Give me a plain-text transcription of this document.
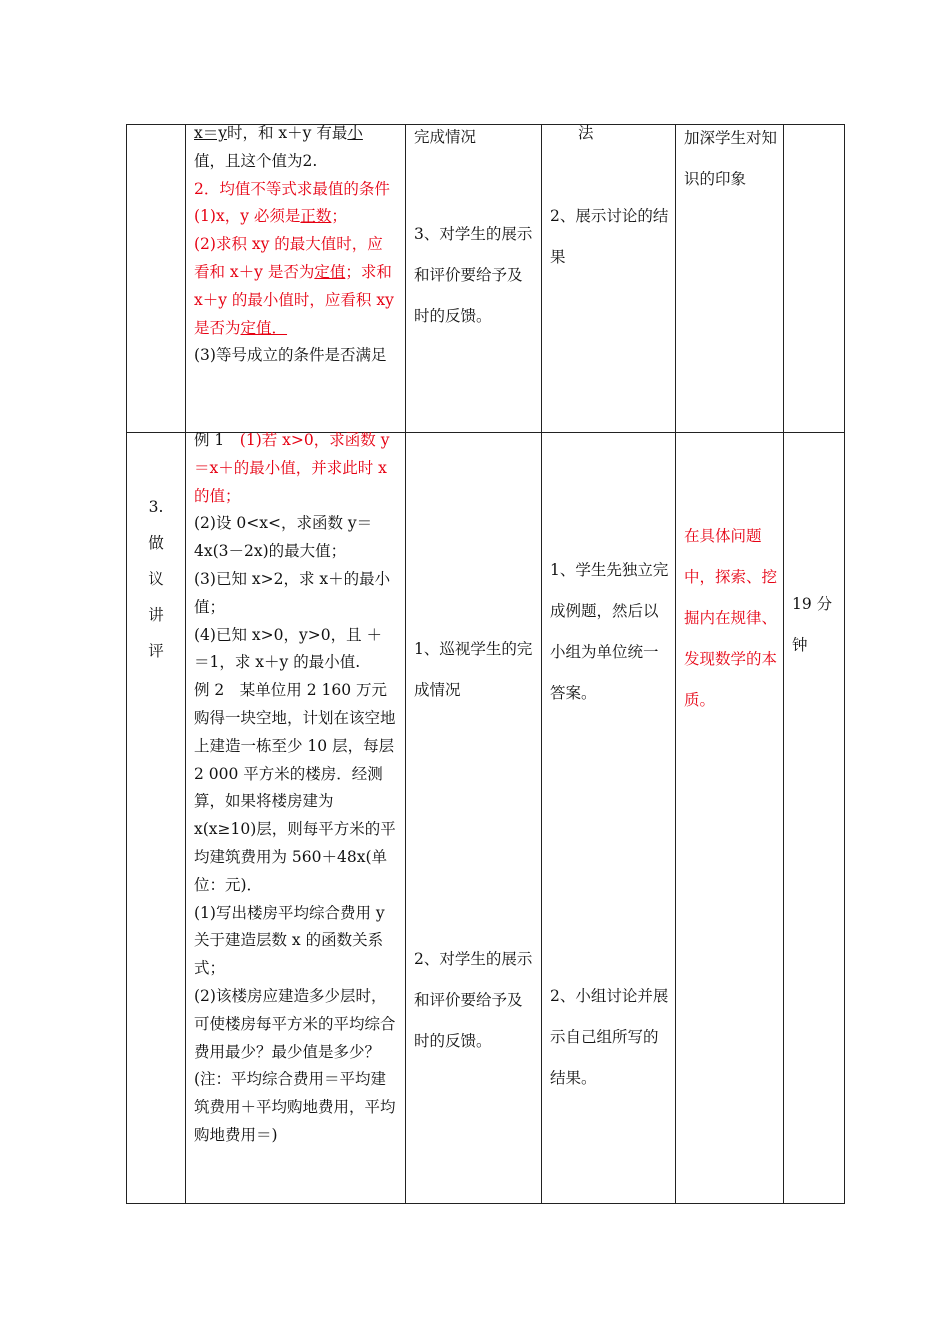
x＝y时，和 x＋y 有最小
值，且这个值为2.
2．均值不等式求最值的条件
(1)x，y 必须是正数；
(2)求积 xy 的最大值时，应看和 x＋y 是否为定值；求和 x＋y 的最小值时，应看积 xy 是否为定值．
(3)等号成立的条件是否满足
完成情况
3、对学生的展示和评价要给予及时的反馈。
法
2、展示讨论的结果
加深学生对知识的印象
3.
做
议
讲
评
例 1　(1)若 x>0，求函数 y＝x＋的最小值，并求此时 x 的值；
(2)设 0<x<，求函数 y＝4x(3－2x)的最大值；
(3)已知 x>2，求 x＋的最小值；
(4)已知 x>0，y>0，且 ＋ ＝1，求 x＋y 的最小值.
例 2　某单位用 2 160 万元购得一块空地，计划在该空地上建造一栋至少 10 层，每层 2 000 平方米的楼房．经测算，如果将楼房建为 x(x≥10)层，则每平方米的平均建筑费用为 560＋48x(单位：元)．
(1)写出楼房平均综合费用 y 关于建造层数 x 的函数关系式；
(2)该楼房应建造多少层时，可使楼房每平方米的平均综合费用最少？最少值是多少？
(注：平均综合费用＝平均建筑费用＋平均购地费用，平均购地费用＝)
1、巡视学生的完成情况
2、对学生的展示和评价要给予及时的反馈。
1、学生先独立完成例题，然后以小组为单位统一答案。
2、小组讨论并展示自己组所写的结果。
在具体问题中，探索、挖掘内在规律、发现数学的本质。
19 分钟
